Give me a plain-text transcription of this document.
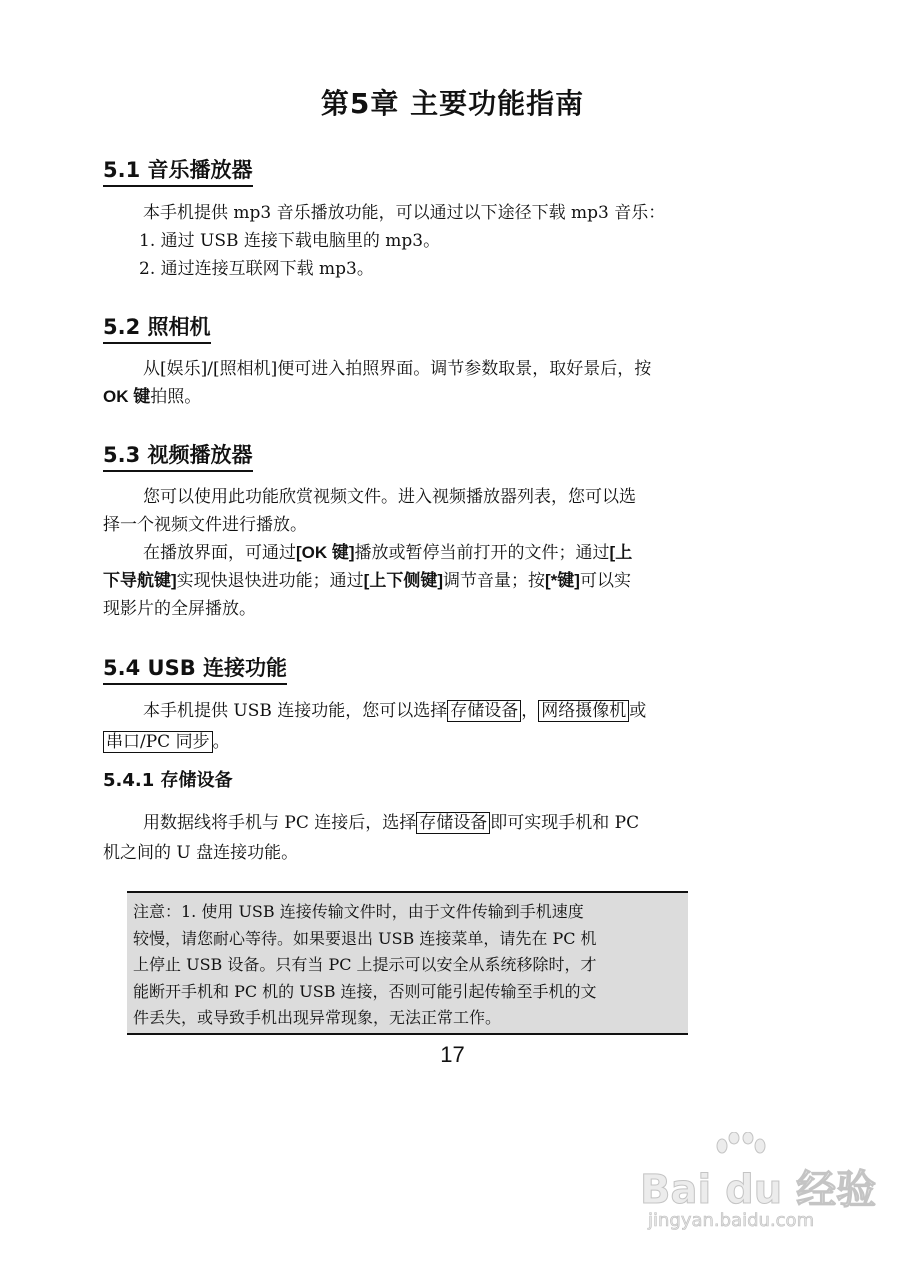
第5章 主要功能指南
5.1 音乐播放器

本手机提供 mp3 音乐播放功能，可以通过以下途径下载 mp3 音乐：

1. 通过 USB 连接下载电脑里的 mp3。

2. 通过连接互联网下载 mp3。

5.2 照相机

从[娱乐]/[照相机]便可进入拍照界面。调节参数取景，取好景后，按

OK 键拍照。

5.3 视频播放器

您可以使用此功能欣赏视频文件。进入视频播放器列表，您可以选

择一个视频文件进行播放。

在播放界面，可通过[OK 键]播放或暂停当前打开的文件；通过[上

下导航键]实现快退快进功能；通过[上下侧键]调节音量；按[*键]可以实

现影片的全屏播放。

5.4 USB 连接功能

本手机提供 USB 连接功能，您可以选择 存储设备 ， 网络摄像机 或

串口/PC 同步 。

5.4.1 存储设备

用数据线将手机与 PC 连接后，选择 存储设备 即可实现手机和 PC

机之间的 U 盘连接功能。

注意：1. 使用 USB 连接传输文件时，由于文件传输到手机速度

较慢，请您耐心等待。如果要退出 USB 连接菜单，请先在 PC 机

上停止 USB 设备。只有当 PC 上提示可以安全从系统移除时，才

能断开手机和 PC 机的 USB 连接，否则可能引起传输至手机的文

件丢失，或导致手机出现异常现象，无法正常工作。

17
Bai du 经验
jingyan.baidu.com
